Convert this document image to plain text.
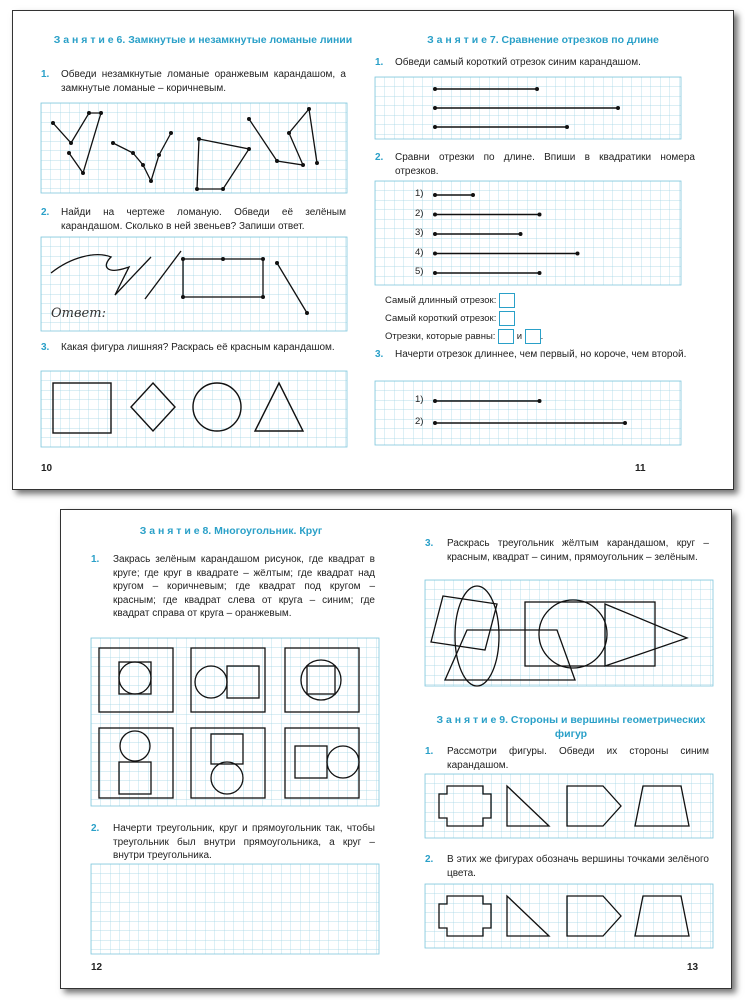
З а н я т и е 6. Замкнутые и незамкнутые ломаные линии
1. Обведи незамкнутые ломаные оранжевым карандашом, а замкнутые ломаные – коричневым.
2. Найди на чертеже ломаную. Обведи её зелёным карандашом. Сколько в ней звеньев? Запиши ответ.
Ответ:
3. Какая фигура лишняя? Раскрась её красным карандашом.
10
З а н я т и е 7. Сравнение отрезков по длине
1. Обведи самый короткий отрезок синим карандашом.
2. Сравни отрезки по длине. Впиши в квадратики номера отрезков.
1)
2)
3)
4)
5)
Самый длинный отрезок:
Самый короткий отрезок:
Отрезки, которые равны: и .
3. Начерти отрезок длиннее, чем первый, но короче, чем второй.
1)
2)
11
З а н я т и е 8. Многоугольник. Круг
1. Закрась зелёным карандашом рисунок, где квадрат в круге; где круг в квадрате – жёлтым; где квадрат над кругом – коричневым; где квадрат под кругом – красным; где квадрат слева от круга – синим; где квадрат справа от круга – оранжевым.
2. Начерти треугольник, круг и прямоугольник так, чтобы треугольник был внутри прямоугольника, а круг – внутри треугольника.
12
3. Раскрась треугольник жёлтым карандашом, круг – красным, квадрат – синим, прямоугольник – зелёным.
З а н я т и е 9. Стороны и вершины геометрических фигур
1. Рассмотри фигуры. Обведи их стороны синим карандашом.
2. В этих же фигурах обозначь вершины точками зелёного цвета.
13
